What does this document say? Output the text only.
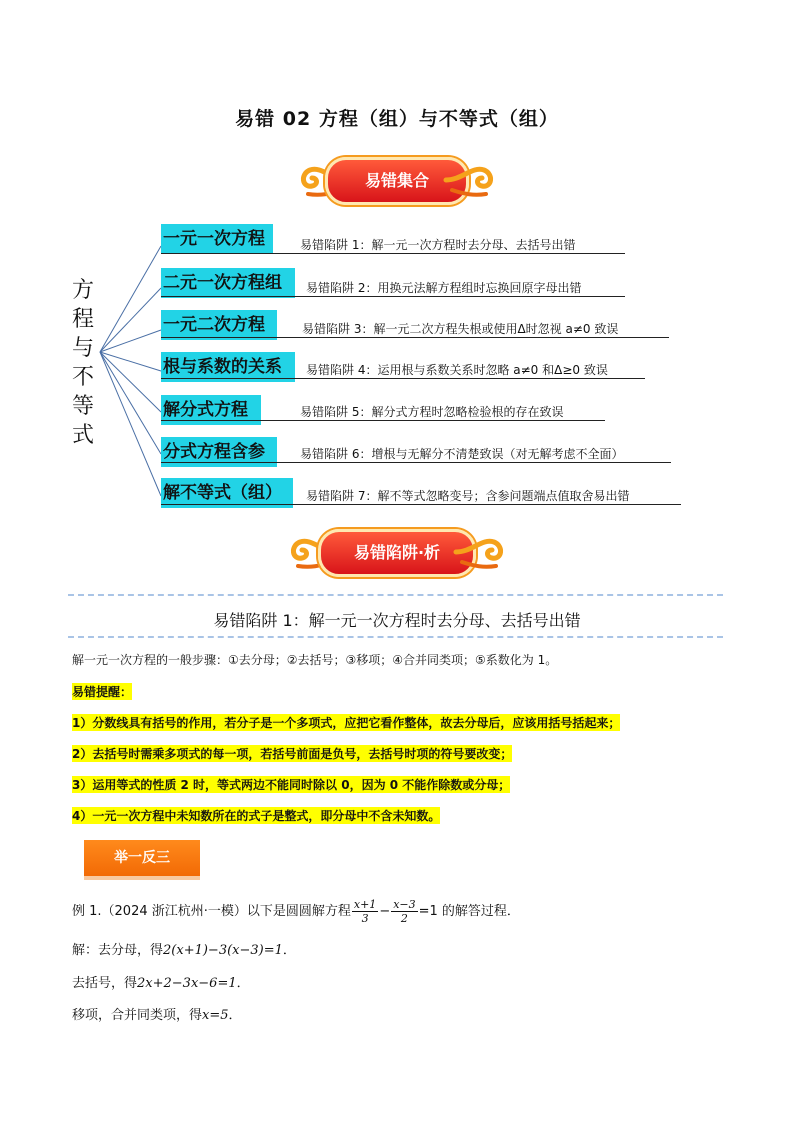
易错 02 方程（组）与不等式（组）
易错集合
方
程
与
不
等
式
一元一次方程	易错陷阱 1：解一元一次方程时去分母、去括号出错
二元一次方程组	易错陷阱 2：用换元法解方程组时忘换回原字母出错
一元二次方程	易错陷阱 3：解一元二次方程失根或使用Δ时忽视 a≠0 致误
根与系数的关系	易错陷阱 4：运用根与系数关系时忽略 a≠0 和Δ≥0 致误
解分式方程	易错陷阱 5：解分式方程时忽略检验根的存在致误
分式方程含参	易错陷阱 6：增根与无解分不清楚致误（对无解考虑不全面）
解不等式（组）	易错陷阱 7：解不等式忽略变号；含参问题端点值取舍易出错
易错陷阱·析
易错陷阱 1：解一元一次方程时去分母、去括号出错
解一元一次方程的一般步骤：①去分母；②去括号；③移项；④合并同类项；⑤系数化为 1。
易错提醒：
1）分数线具有括号的作用，若分子是一个多项式，应把它看作整体，故去分母后，应该用括号括起来；
2）去括号时需乘多项式的每一项，若括号前面是负号，去括号时项的符号要改变；
3）运用等式的性质 2 时，等式两边不能同时除以 0，因为 0 不能作除数或分母；
4）一元一次方程中未知数所在的式子是整式，即分母中不含未知数。
举一反三
例 1.（2024 浙江杭州·一模）以下是圆圆解方程 $\frac{x+1}{3} - \frac{x-3}{2} =1$ 的解答过程．
解：去分母，得2(x+1)−3(x−3)=1．
去括号，得2x+2−3x−6=1．
移项，合并同类项，得x=5．
